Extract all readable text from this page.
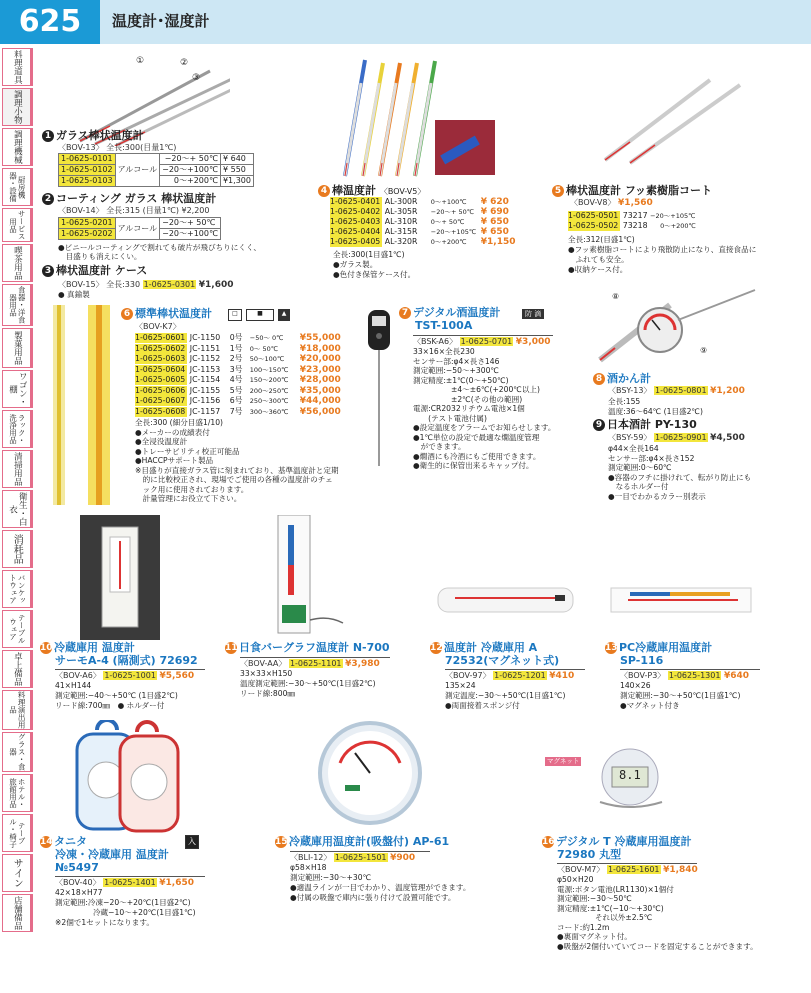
625	温度計･湿度計
料理道具
調理小物
調理機械
厨房機器・設備
サービス用品
喫茶用品
食器・洋食器用品
製菓用品
ワゴン・棚
ラック・洗浄用品
清掃用品
衛生・白衣
消耗品
バンケットウェア
テーブルウェア
卓上備品
料理演出用品
グラス・食器
ホテル・旅館用品
テーブル・椅子
サイン
店舗備品
①	②
③
1 ガラス棒状温度計
〈BOV-13〉 全長:300(目量1℃)
1-0625-0101	アルコール	−20〜+ 50℃	¥ 640
1-0625-0102		−20〜+100℃	¥ 550
1-0625-0103		0〜+200℃	¥1,300
2 コーティング ガラス 棒状温度計
〈BOV-14〉 全長:315 (目量1℃) ¥2,200
1-0625-0201	アルコール	−20〜+ 50℃
1-0625-0202		−20〜+100℃
●ビニールコーティングで割れても破片が飛びちりにくく、
　目盛りも消えにくい。
3 棒状温度計 ケース
〈BOV-15〉 全長:330 1-0625-0301 ¥1,600
● 真鍮製
4 棒温度計 〈BOV-V5〉
1-0625-0401 AL-300R 0〜+100℃ ¥ 620
1-0625-0402 AL-305R −20〜+ 50℃ ¥ 690
1-0625-0403 AL-310R 0〜+ 50℃ ¥ 650
1-0625-0404 AL-315R −20〜+105℃ ¥ 650
1-0625-0405 AL-320R 0〜+200℃ ¥1,150
全長:300(1目盛1℃)
●ガラス製。
●色付き保管ケース付。
5 棒状温度計 フッ素樹脂コート
〈BOV-V8〉 ¥1,560
1-0625-0501 73217 −20〜+105℃
1-0625-0502 73218 0〜+200℃
全長:312(目盛1℃)
●フッ素樹脂コートにより飛散防止になり、直接食品に
　ふれても安全。
●収納ケース付。
6 標準棒状温度計	□	■	▲
〈BOV-K7〉
1-0625-0601 JC-1150 0号 −50〜 0℃ ¥55,000
1-0625-0602 JC-1151 1号 0〜 50℃ ¥18,000
1-0625-0603 JC-1152 2号 50〜100℃ ¥20,000
1-0625-0604 JC-1153 3号 100〜150℃ ¥23,000
1-0625-0605 JC-1154 4号 150〜200℃ ¥28,000
1-0625-0606 JC-1155 5号 200〜250℃ ¥35,000
1-0625-0607 JC-1156 6号 250〜300℃ ¥44,000
1-0625-0608 JC-1157 7号 300〜360℃ ¥56,000
全長:300 (細分目盛1/10)
●メーカーの成績表付
●全浸没温度計
●トレーサビリティ校正可能品
●HACCPサポート製品
※目盛りが直接ガラス管に刻まれており、基準温度計と定期
　的に比較校正され、現場でご使用の各種の温度計のチェ
　ック用に使用されております。
　計量管理にお役立て下さい。
7 デジタル酒温度計	防 滴
TST-100A
〈BSK-A6〉 1-0625-0701 ¥3,000
33×16×全長230
センサー部:φ4×長さ146
測定範囲:−50〜+300℃
測定精度:±1℃(0〜+50℃)
　　　　　±4〜±6℃(+200℃以上)
　　　　　±2℃(その他の範囲)
電源:CR2032リチウム電池×1個
　　(テスト電池付属)
●設定温度をアラームでお知らせします。
●1℃単位の設定で最適な燗温度管理
　ができます。
●燗酒にも冷酒にもご使用できます。
●衛生的に保管出来るキャップ付。
⑧
⑨
8 酒かん計
〈BSY-13〉 1-0625-0801 ¥1,200
全長:155
温度:36〜64℃ (1目盛2℃)
9 日本酒計 PY-130
〈BSY-59〉 1-0625-0901 ¥4,500
φ44×全長164
センサー部:φ4×長さ152
測定範囲:0〜60℃
●容器のフチに掛けれて、転がり防止にも
　なるホルダー付
●一目でわかるカラー別表示
10冷蔵庫用 温度計
サーモA-4 (隔測式) 72692
〈BOV-A6〉 1-0625-1001 ¥5,560
41×H144
測定範囲:−40〜+50℃ (1目盛2℃)
リード線:700㎜　● ホルダー付
11日食バーグラフ温度計 N-700
〈BOV-AA〉 1-0625-1101 ¥3,980
33×33×H150
温度測定範囲:−30〜+50℃(1目盛2℃)
リード線:800㎜
12温度計 冷蔵庫用 A
72532(マグネット式)
〈BOV-97〉 1-0625-1201 ¥410
135×24
測定温度:−30〜+50℃(1目盛1℃)
●両面接着スポンジ付
13PC冷蔵庫用温度計
SP-116
〈BOV-P3〉 1-0625-1301 ¥640
140×26
測定範囲:−30〜+50℃(1目盛1℃)
●マグネット付き
マグネット
8.1
入
14タニタ
冷凍・冷蔵庫用 温度計
№5497
〈BOV-40〉 1-0625-1401 ¥1,650
42×18×H77
測定範囲:冷凍−20〜+20℃(1目盛2℃)
　　　　　冷蔵−10〜+20℃(1目盛1℃)
※2個で1セットになります。
15冷蔵庫用温度計(吸盤付) AP-61
〈BLI-12〉 1-0625-1501 ¥900
φ58×H18
測定範囲:−30〜+30℃
●適温ラインが一目でわかり、温度管理ができます。
●付属の吸盤で庫内に張り付けて設置可能です。
16デジタル T 冷蔵庫用温度計
72980 丸型
〈BOV-M7〉 1-0625-1601 ¥1,840
φ50×H20
電源:ボタン電池(LR1130)×1個付
測定範囲:−30〜50℃
測定精度:±1℃(−10〜+30℃)
　　　　　それ以外±2.5℃
コード:約1.2m
●裏面マグネット付。
●吸盤が2個付いていてコードを固定することができます。
